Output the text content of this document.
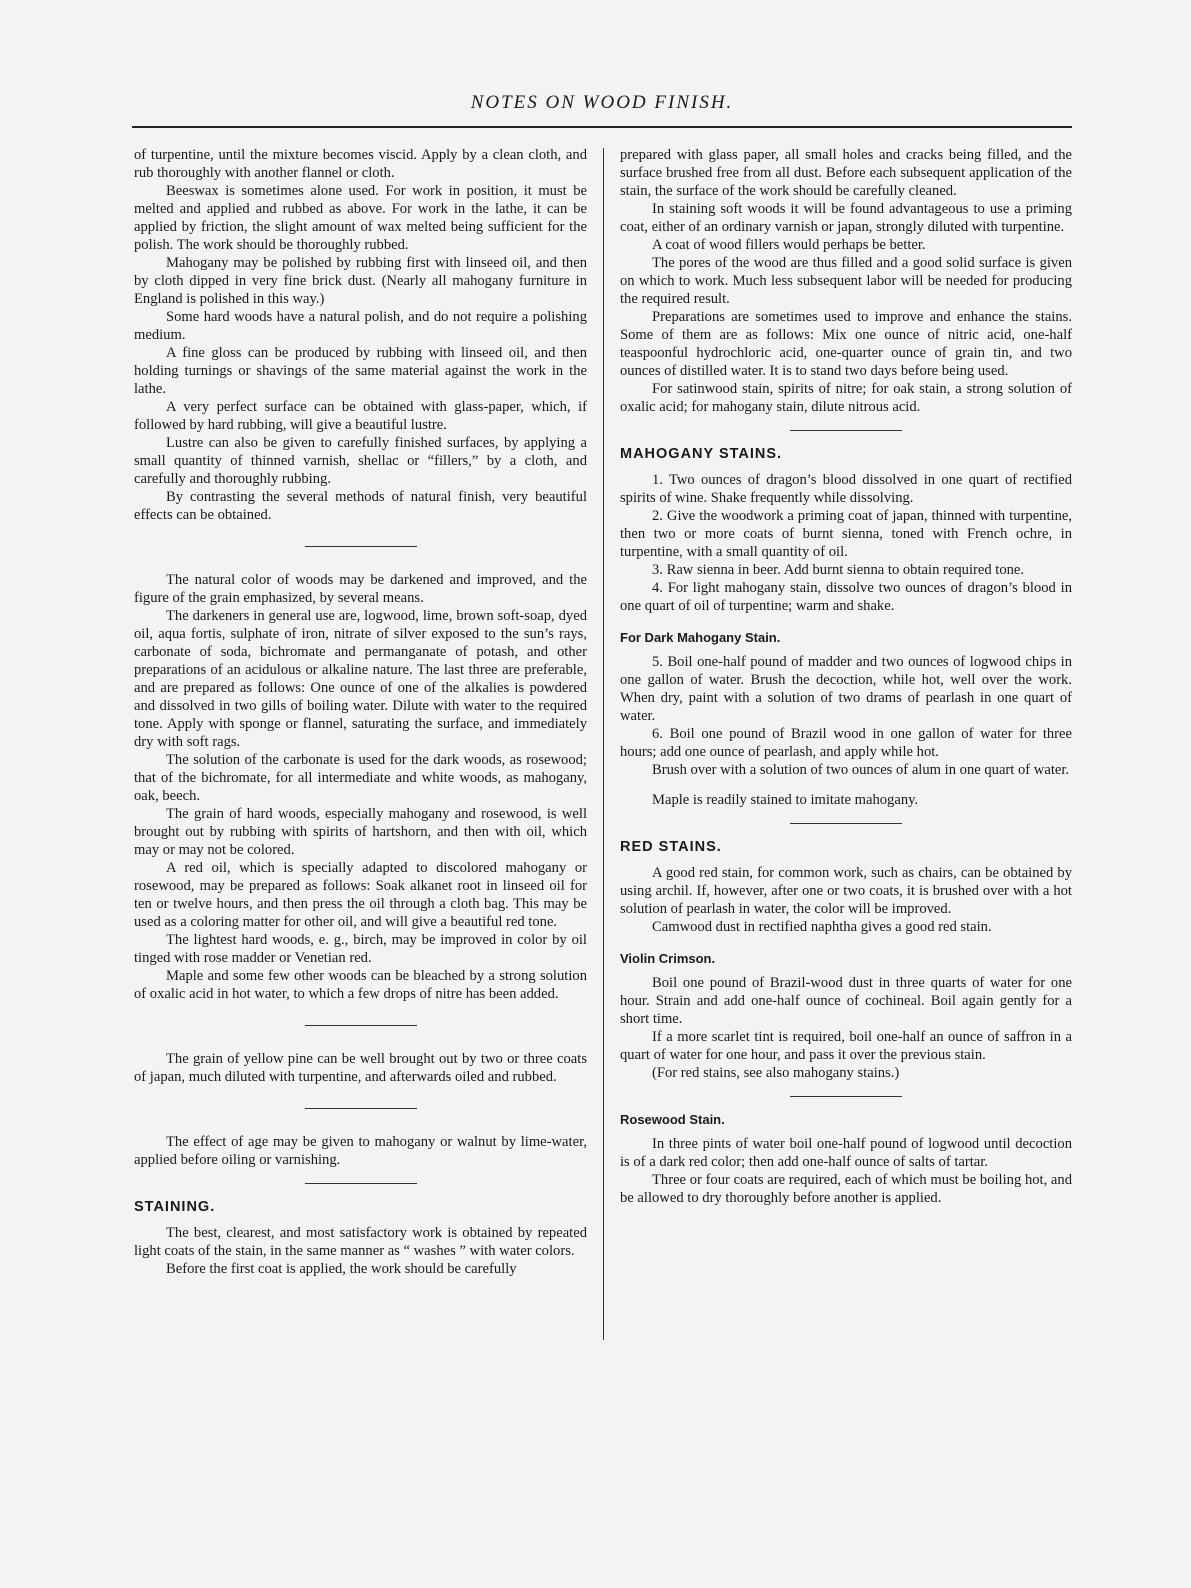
NOTES ON WOOD FINISH.

of turpentine, until the mixture becomes viscid. Apply by a clean cloth, and rub thoroughly with another flannel or cloth.

Beeswax is sometimes alone used. For work in position, it must be melted and applied and rubbed as above. For work in the lathe, it can be applied by friction, the slight amount of wax melted being sufficient for the polish. The work should be thoroughly rubbed.

Mahogany may be polished by rubbing first with linseed oil, and then by cloth dipped in very fine brick dust. (Nearly all mahogany furniture in England is polished in this way.)

Some hard woods have a natural polish, and do not require a polishing medium.

A fine gloss can be produced by rubbing with linseed oil, and then holding turnings or shavings of the same material against the work in the lathe.

A very perfect surface can be obtained with glass-paper, which, if followed by hard rubbing, will give a beautiful lustre.

Lustre can also be given to carefully finished surfaces, by applying a small quantity of thinned varnish, shellac or “fillers,” by a cloth, and carefully and thoroughly rubbing.

By contrasting the several methods of natural finish, very beautiful effects can be obtained.

The natural color of woods may be darkened and improved, and the figure of the grain emphasized, by several means.

The darkeners in general use are, logwood, lime, brown soft-soap, dyed oil, aqua fortis, sulphate of iron, nitrate of silver exposed to the sun’s rays, carbonate of soda, bichromate and permanganate of potash, and other preparations of an acidulous or alkaline nature. The last three are preferable, and are prepared as follows: One ounce of one of the alkalies is powdered and dissolved in two gills of boiling water. Dilute with water to the required tone. Apply with sponge or flannel, saturating the surface, and immediately dry with soft rags.

The solution of the carbonate is used for the dark woods, as rosewood; that of the bichromate, for all intermediate and white woods, as mahogany, oak, beech.

The grain of hard woods, especially mahogany and rosewood, is well brought out by rubbing with spirits of hartshorn, and then with oil, which may or may not be colored.

A red oil, which is specially adapted to discolored mahogany or rosewood, may be prepared as follows: Soak alkanet root in linseed oil for ten or twelve hours, and then press the oil through a cloth bag. This may be used as a coloring matter for other oil, and will give a beautiful red tone.

The lightest hard woods, e. g., birch, may be improved in color by oil tinged with rose madder or Venetian red.

Maple and some few other woods can be bleached by a strong solution of oxalic acid in hot water, to which a few drops of nitre has been added.

The grain of yellow pine can be well brought out by two or three coats of japan, much diluted with turpentine, and afterwards oiled and rubbed.

The effect of age may be given to mahogany or walnut by lime-water, applied before oiling or varnishing.

STAINING.

The best, clearest, and most satisfactory work is obtained by repeated light coats of the stain, in the same manner as “ washes ” with water colors.

Before the first coat is applied, the work should be carefully

prepared with glass paper, all small holes and cracks being filled, and the surface brushed free from all dust. Before each subsequent application of the stain, the surface of the work should be carefully cleaned.

In staining soft woods it will be found advantageous to use a priming coat, either of an ordinary varnish or japan, strongly diluted with turpentine.

A coat of wood fillers would perhaps be better.

The pores of the wood are thus filled and a good solid surface is given on which to work. Much less subsequent labor will be needed for producing the required result.

Preparations are sometimes used to improve and enhance the stains. Some of them are as follows: Mix one ounce of nitric acid, one-half teaspoonful hydrochloric acid, one-quarter ounce of grain tin, and two ounces of distilled water. It is to stand two days before being used.

For satinwood stain, spirits of nitre; for oak stain, a strong solution of oxalic acid; for mahogany stain, dilute nitrous acid.

MAHOGANY STAINS.

1. Two ounces of dragon’s blood dissolved in one quart of rectified spirits of wine. Shake frequently while dissolving.

2. Give the woodwork a priming coat of japan, thinned with turpentine, then two or more coats of burnt sienna, toned with French ochre, in turpentine, with a small quantity of oil.

3. Raw sienna in beer. Add burnt sienna to obtain required tone.

4. For light mahogany stain, dissolve two ounces of dragon’s blood in one quart of oil of turpentine; warm and shake.

For Dark Mahogany Stain.

5. Boil one-half pound of madder and two ounces of logwood chips in one gallon of water. Brush the decoction, while hot, well over the work. When dry, paint with a solution of two drams of pearlash in one quart of water.

6. Boil one pound of Brazil wood in one gallon of water for three hours; add one ounce of pearlash, and apply while hot.

Brush over with a solution of two ounces of alum in one quart of water.

Maple is readily stained to imitate mahogany.

RED STAINS.

A good red stain, for common work, such as chairs, can be obtained by using archil. If, however, after one or two coats, it is brushed over with a hot solution of pearlash in water, the color will be improved.

Camwood dust in rectified naphtha gives a good red stain.

Violin Crimson.

Boil one pound of Brazil-wood dust in three quarts of water for one hour. Strain and add one-half ounce of cochineal. Boil again gently for a short time.

If a more scarlet tint is required, boil one-half an ounce of saffron in a quart of water for one hour, and pass it over the previous stain.

(For red stains, see also mahogany stains.)

Rosewood Stain.

In three pints of water boil one-half pound of logwood until decoction is of a dark red color; then add one-half ounce of salts of tartar.

Three or four coats are required, each of which must be boiling hot, and be allowed to dry thoroughly before another is applied.
